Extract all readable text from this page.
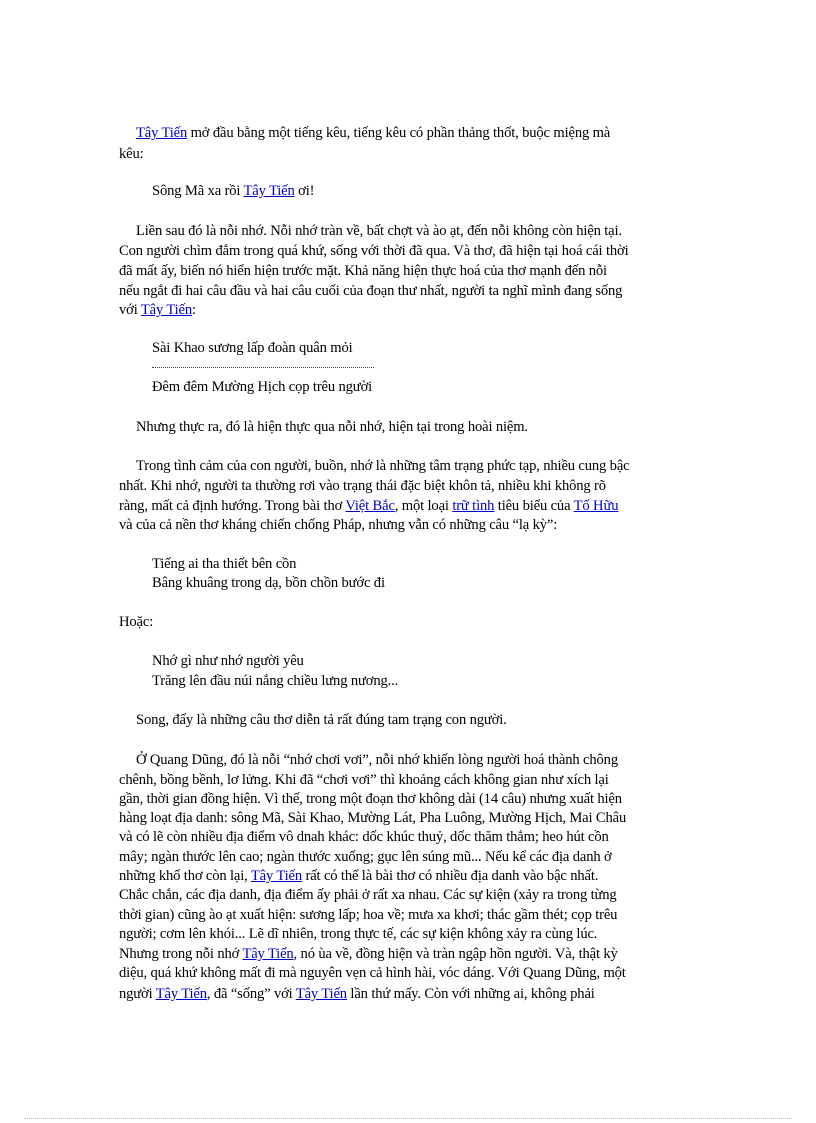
Tây Tiến mở đầu bằng một tiếng kêu, tiếng kêu có phần thảng thốt, buộc miệng mà
kêu:
Sông Mã xa rồi Tây Tiến ơi!
Liền sau đó là nỗi nhớ. Nỗi nhớ tràn về, bất chợt và ào ạt, đến nỗi không còn hiện tại.
Con người chìm đắm trong quá khứ, sống với thời đã qua. Và thơ, đã hiện tại hoá cái thời
đã mất ấy, biến nó hiển hiện trước mặt. Khả năng hiện thực hoá của thơ mạnh đến nỗi
nếu ngắt đi hai câu đầu và hai câu cuối của đoạn thư nhất, người ta nghĩ mình đang sống
với Tây Tiến:
Sài Khao sương lấp đoàn quân mỏi
Đêm đêm Mường Hịch cọp trêu người
Nhưng thực ra, đó là hiện thực qua nỗi nhớ, hiện tại trong hoài niệm.
Trong tình cảm của con người, buồn, nhớ là những tâm trạng phức tạp, nhiều cung bậc
nhất. Khi nhớ, người ta thường rơi vào trạng thái đặc biệt khôn tả, nhiều khi không rõ
ràng, mất cả định hướng. Trong bài thơ Việt Bắc, một loại trữ tình tiêu biểu của Tố Hữu
và của cả nền thơ kháng chiến chống Pháp, nhưng vẫn có những câu “lạ kỳ”:
Tiếng ai tha thiết bên cồn
Bâng khuâng trong dạ, bồn chồn bước đi
Hoặc:
Nhớ gì như nhớ người yêu
Trăng lên đầu núi nắng chiều lưng nương...
Song, đấy là những câu thơ diễn tả rất đúng tam trạng con người.
Ở Quang Dũng, đó là nỗi “nhớ chơi vơi”, nỗi nhớ khiến lòng người hoá thành chông
chênh, bồng bềnh, lơ lửng. Khi đã “chơi vơi” thì khoảng cách không gian như xích lại
gần, thời gian đồng hiện. Vì thế, trong một đoạn thơ không dài (14 câu) nhưng xuất hiện
hàng loạt địa danh: sông Mã, Sài Khao, Mường Lát, Pha Luông, Mường Hịch, Mai Châu
và có lẽ còn nhiều địa điểm vô dnah khác: dốc khúc thuỷ, dốc thăm thẳm; heo hút cồn
mây; ngàn thước lên cao; ngàn thước xuống; gục lên súng mũ... Nếu kể các địa danh ở
những khổ thơ còn lại, Tây Tiến rất có thể là bài thơ có nhiều địa danh vào bậc nhất.
Chắc chắn, các địa danh, địa điểm ấy phải ở rất xa nhau. Các sự kiện (xảy ra trong từng
thời gian) cũng ào ạt xuất hiện: sương lấp; hoa về; mưa xa khơi; thác gầm thét; cọp trêu
người; cơm lên khói... Lẽ dĩ nhiên, trong thực tế, các sự kiện không xảy ra cùng lúc.
Nhưng trong nỗi nhớ Tây Tiến, nó ùa về, đồng hiện và tràn ngập hồn người. Và, thật kỳ
diệu, quá khứ không mất đi mà nguyên vẹn cả hình hài, vóc dáng. Với Quang Dũng, một
người Tây Tiến, đã “sống” với Tây Tiến lần thứ mấy. Còn với những ai, không phải
